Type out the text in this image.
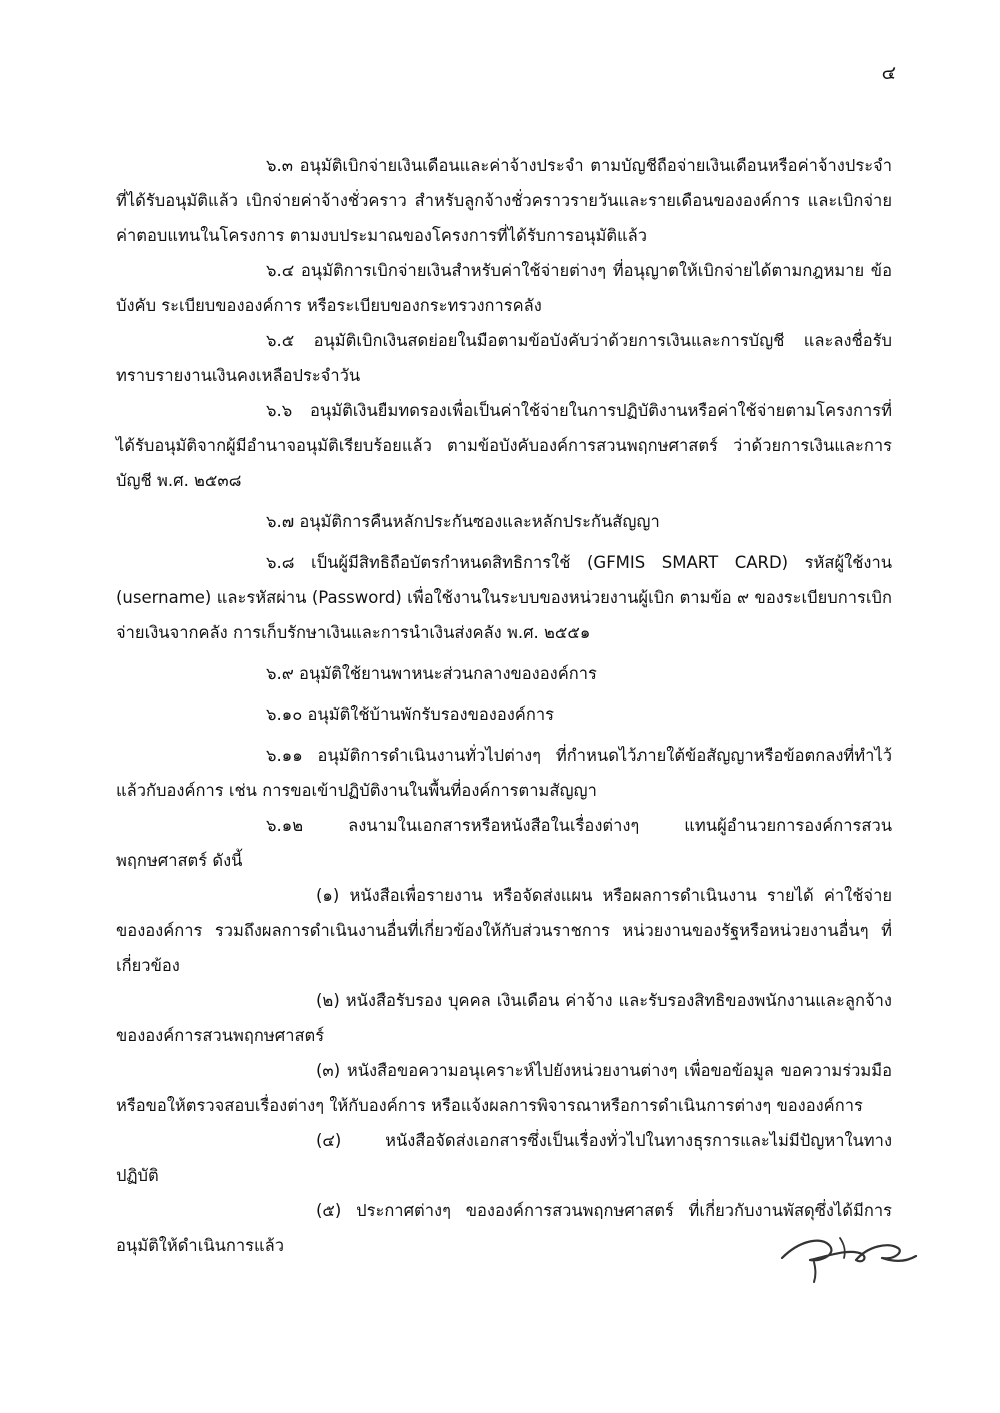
๔

๖.๓ อนุมัติเบิกจ่ายเงินเดือนและค่าจ้างประจำ ตามบัญชีถือจ่ายเงินเดือนหรือค่าจ้างประจำที่ได้รับอนุมัติแล้ว เบิกจ่ายค่าจ้างชั่วคราว สำหรับลูกจ้างชั่วคราวรายวันและรายเดือนขององค์การ และเบิกจ่ายค่าตอบแทนในโครงการ ตามงบประมาณของโครงการที่ได้รับการอนุมัติแล้ว

๖.๔ อนุมัติการเบิกจ่ายเงินสำหรับค่าใช้จ่ายต่างๆ ที่อนุญาตให้เบิกจ่ายได้ตามกฎหมาย ข้อบังคับ ระเบียบขององค์การ หรือระเบียบของกระทรวงการคลัง

๖.๕ อนุมัติเบิกเงินสดย่อยในมือตามข้อบังคับว่าด้วยการเงินและการบัญชี และลงชื่อรับทราบรายงานเงินคงเหลือประจำวัน

๖.๖ อนุมัติเงินยืมทดรองเพื่อเป็นค่าใช้จ่ายในการปฏิบัติงานหรือค่าใช้จ่ายตามโครงการที่ได้รับอนุมัติจากผู้มีอำนาจอนุมัติเรียบร้อยแล้ว ตามข้อบังคับองค์การสวนพฤกษศาสตร์ ว่าด้วยการเงินและการบัญชี พ.ศ. ๒๕๓๘

๖.๗ อนุมัติการคืนหลักประกันซองและหลักประกันสัญญา

๖.๘ เป็นผู้มีสิทธิถือบัตรกำหนดสิทธิการใช้ (GFMIS SMART CARD) รหัสผู้ใช้งาน (username) และรหัสผ่าน (Password) เพื่อใช้งานในระบบของหน่วยงานผู้เบิก ตามข้อ ๙ ของระเบียบการเบิกจ่ายเงินจากคลัง การเก็บรักษาเงินและการนำเงินส่งคลัง พ.ศ. ๒๕๕๑

๖.๙ อนุมัติใช้ยานพาหนะส่วนกลางขององค์การ

๖.๑๐ อนุมัติใช้บ้านพักรับรองขององค์การ

๖.๑๑ อนุมัติการดำเนินงานทั่วไปต่างๆ ที่กำหนดไว้ภายใต้ข้อสัญญาหรือข้อตกลงที่ทำไว้แล้วกับองค์การ เช่น การขอเข้าปฏิบัติงานในพื้นที่องค์การตามสัญญา

๖.๑๒ ลงนามในเอกสารหรือหนังสือในเรื่องต่างๆ แทนผู้อำนวยการองค์การสวนพฤกษศาสตร์ ดังนี้

(๑) หนังสือเพื่อรายงาน หรือจัดส่งแผน หรือผลการดำเนินงาน รายได้ ค่าใช้จ่ายขององค์การ รวมถึงผลการดำเนินงานอื่นที่เกี่ยวข้องให้กับส่วนราชการ หน่วยงานของรัฐหรือหน่วยงานอื่นๆ ที่เกี่ยวข้อง

(๒) หนังสือรับรอง บุคคล เงินเดือน ค่าจ้าง และรับรองสิทธิของพนักงานและลูกจ้างขององค์การสวนพฤกษศาสตร์

(๓) หนังสือขอความอนุเคราะห์ไปยังหน่วยงานต่างๆ เพื่อขอข้อมูล ขอความร่วมมือหรือขอให้ตรวจสอบเรื่องต่างๆ ให้กับองค์การ หรือแจ้งผลการพิจารณาหรือการดำเนินการต่างๆ ขององค์การ

(๔) หนังสือจัดส่งเอกสารซึ่งเป็นเรื่องทั่วไปในทางธุรการและไม่มีปัญหาในทางปฏิบัติ

(๕) ประกาศต่างๆ ขององค์การสวนพฤกษศาสตร์ ที่เกี่ยวกับงานพัสดุซึ่งได้มีการอนุมัติให้ดำเนินการแล้ว
